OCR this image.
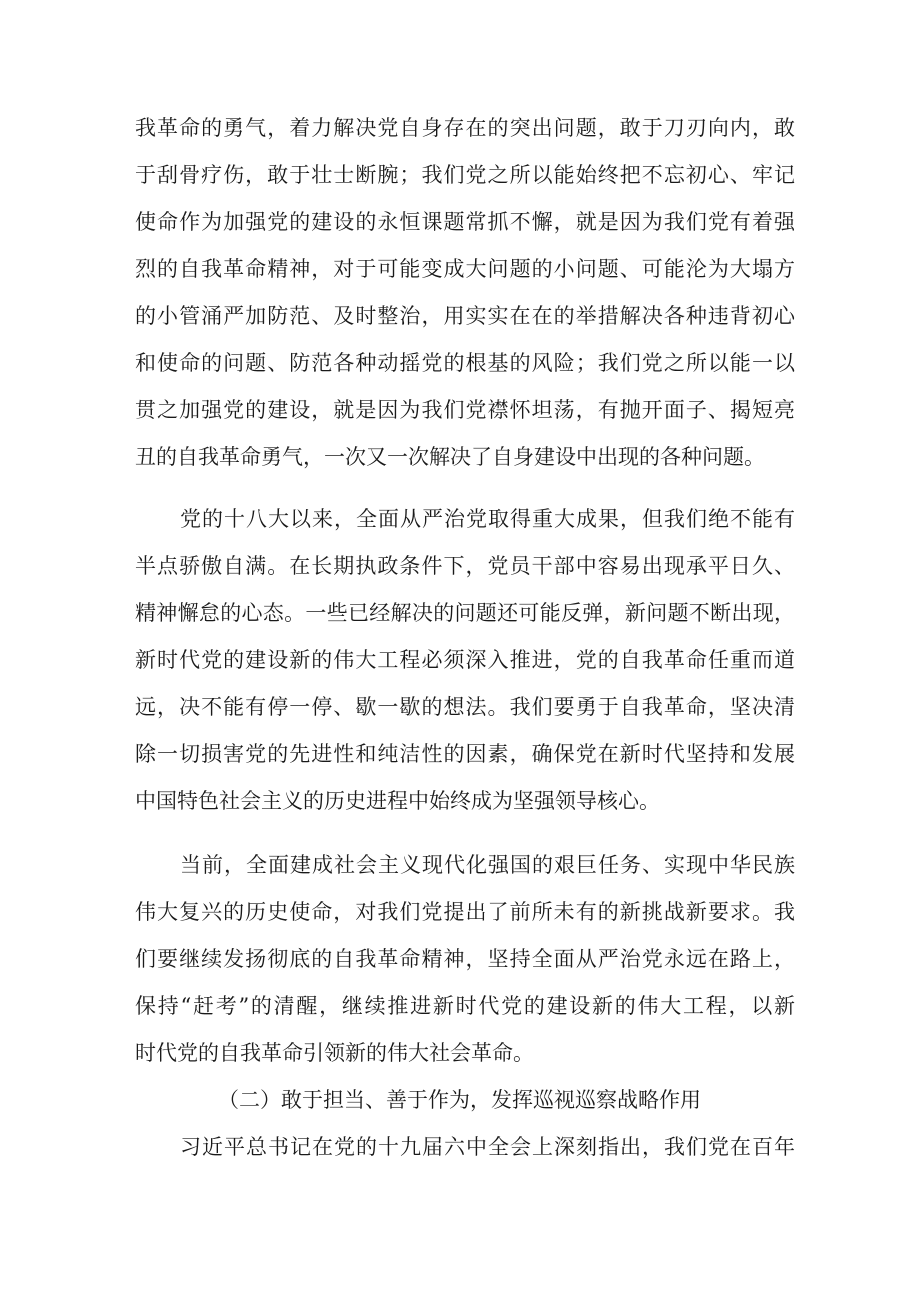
我革命的勇气，着力解决党自身存在的突出问题，敢于刀刃向内，敢
于刮骨疗伤，敢于壮士断腕；我们党之所以能始终把不忘初心、牢记
使命作为加强党的建设的永恒课题常抓不懈，就是因为我们党有着强
烈的自我革命精神，对于可能变成大问题的小问题、可能沦为大塌方
的小管涌严加防范、及时整治，用实实在在的举措解决各种违背初心
和使命的问题、防范各种动摇党的根基的风险；我们党之所以能一以
贯之加强党的建设，就是因为我们党襟怀坦荡，有抛开面子、揭短亮
丑的自我革命勇气，一次又一次解决了自身建设中出现的各种问题。
党的十八大以来，全面从严治党取得重大成果，但我们绝不能有
半点骄傲自满。在长期执政条件下，党员干部中容易出现承平日久、
精神懈怠的心态。一些已经解决的问题还可能反弹，新问题不断出现，
新时代党的建设新的伟大工程必须深入推进，党的自我革命任重而道
远，决不能有停一停、歇一歇的想法。我们要勇于自我革命，坚决清
除一切损害党的先进性和纯洁性的因素，确保党在新时代坚持和发展
中国特色社会主义的历史进程中始终成为坚强领导核心。
当前，全面建成社会主义现代化强国的艰巨任务、实现中华民族
伟大复兴的历史使命，对我们党提出了前所未有的新挑战新要求。我
们要继续发扬彻底的自我革命精神，坚持全面从严治党永远在路上，
保持“赶考”的清醒，继续推进新时代党的建设新的伟大工程，以新
时代党的自我革命引领新的伟大社会革命。
（二）敢于担当、善于作为，发挥巡视巡察战略作用
习近平总书记在党的十九届六中全会上深刻指出，我们党在百年
